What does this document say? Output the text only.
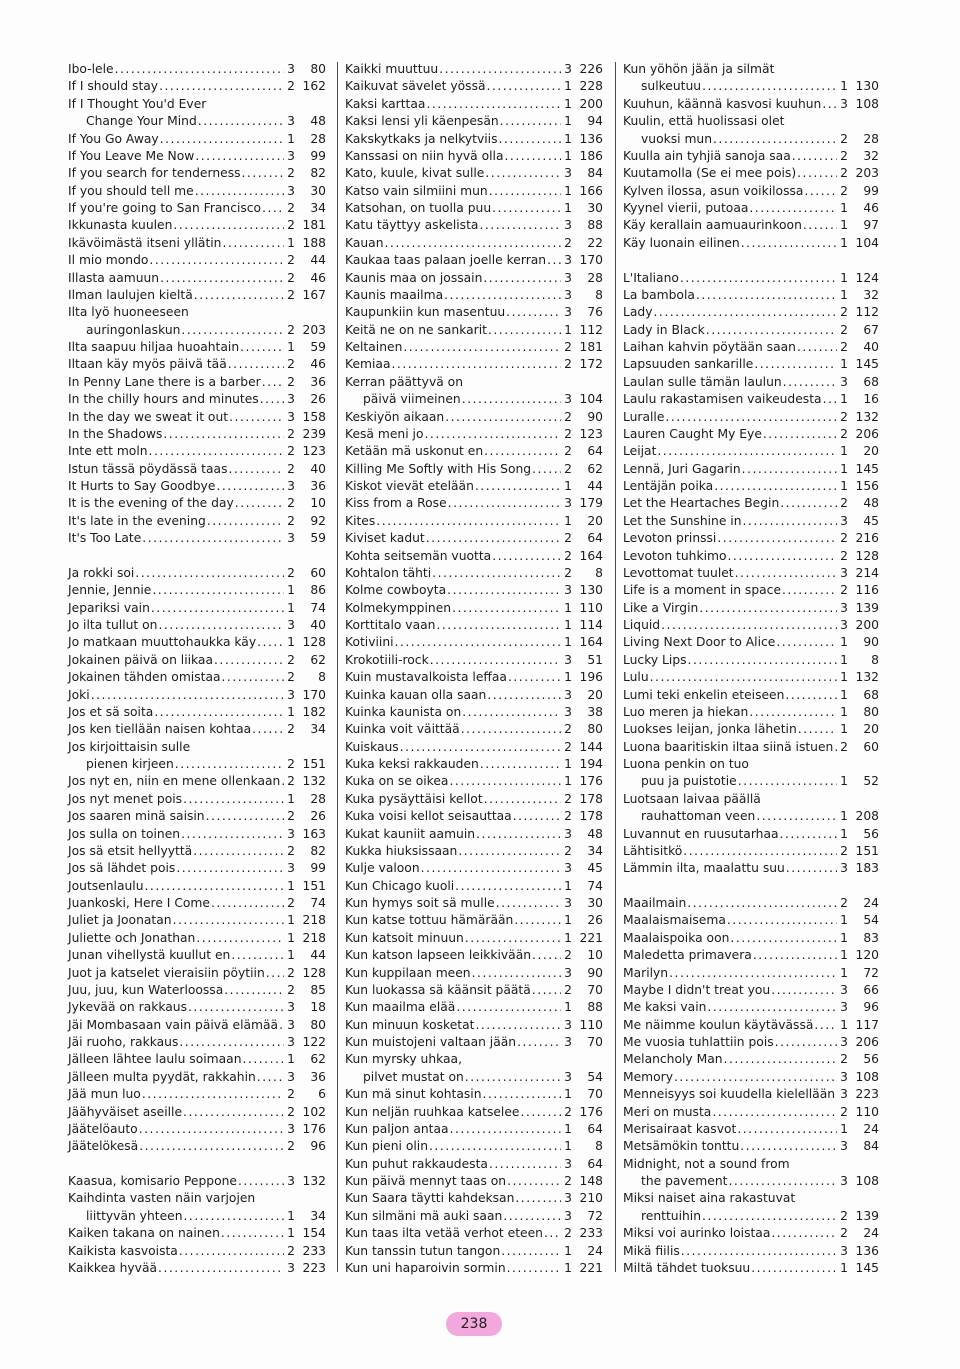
Ibo-lele . . .	3	80
If I should stay . . .	2 162
If I Thought You'd Ever
Change Your Mind . . .	3	48
If You Go Away . . .	1	28
If You Leave Me Now . . .	3	99
If you search for tenderness . . .	2	82
If you should tell me . . .	3	30
If you're going to San Francisco . . . 2	34
Ikkunasta kuulen . . .	2 181
Ikävöimästä itseni yllätin . . .	1 188
Il mio mondo . . .	2	44
Illasta aamuun . . .	2	46
Ilman laulujen kieltä . . .	2 167
Ilta lyö huoneeseen
auringonlaskun . . .	2 203
Ilta saapuu hiljaa huoahtain . . .	1	59
Iltaan käy myös päivä tää . . .	2	46
In Penny Lane there is a barber . . . 2	36
In the chilly hours and minutes . . . 3	26
In the day we sweat it out . . .	3 158
In the Shadows . . .	2 239
Inte ett moln . . .	2 123
Istun tässä pöydässä taas . . .	2	40
It Hurts to Say Goodbye . . .	3	36
It is the evening of the day . . .	2	10
It's late in the evening . . .	2	92
It's Too Late . . .	3	59
Ja rokki soi . . .	2	60
Jennie, Jennie . . .	1	86
Jepariksi vain . . .	1	74
Jo ilta tullut on . . .	3	40
Jo matkaan muuttohaukka käy . . .	1 128
Jokainen päivä on liikaa . . .	2	62
Jokainen tähden omistaa . . .	2	8
Joki . . .	3 170
Jos et sä soita . . .	1 182
Jos ken tiellään naisen kohtaa . . .	2	34
Jos kirjoittaisin sulle
pienen kirjeen . . .	2 151
Jos nyt en, niin en mene ollenkaan . . . 2 132
Jos nyt menet pois . . .	1	28
Jos saaren minä saisin . . .	2	26
Jos sulla on toinen . . .	3 163
Jos sä etsit hellyyttä . . .	2	82
Jos sä lähdet pois . . .	3	99
Joutsenlaulu . . .	1 151
Juankoski, Here I Come . . .	2	74
Juliet ja Joonatan . . .	1 218
Juliette och Jonathan . . .	1 218
Junan vihellystä kuullut en . . .	1	44
Juot ja katselet vieraisiin pöytiin . . . 2 128
Juu, juu, kun Waterloossa . . .	2	85
Jykevää on rakkaus . . .	3	18
Jäi Mombasaan vain päivä elämää . . . 3	80
Jäi ruoho, rakkaus . . .	3 122
Jälleen lähtee laulu soimaan . . .	1	62
Jälleen multa pyydät, rakkahin . . .	3	36
Jää mun luo . . .	2	6
Jäähyväiset aseille . . .	2 102
Jäätelöauto . . .	3 176
Jäätelökesä . . .	2	96
Kaasua, komisario Peppone . . .	3 132
Kaihdinta vasten näin varjojen
liittyvän yhteen . . .	1	34
Kaiken takana on nainen . . .	1 154
Kaikista kasvoista . . .	2 233
Kaikkea hyvää . . .	3 223
Kaikki muuttuu . . .	3 226
Kaikuvat sävelet yössä . . .	1 228
Kaksi karttaa . . .	1 200
Kaksi lensi yli käenpesän . . .	1	94
Kakskytkaks ja nelkytviis . . .	1 136
Kanssasi on niin hyvä olla . . .	1 186
Kato, kuule, kivat sulle . . .	3	84
Katso vain silmiini mun . . .	1 166
Katsohan, on tuolla puu . . .	1	30
Katu täyttyy askelista . . .	3	88
Kauan . . .	2	22
Kaukaa taas palaan joelle kerran . . . 3 170
Kaunis maa on jossain . . .	3	28
Kaunis maailma . . .	3	8
Kaupunkiin kun masentuu . . .	3	76
Keitä ne on ne sankarit . . .	1 112
Keltainen . . .	2 181
Kemiaa . . .	2 172
Kerran päättyvä on
päivä viimeinen . . .	3 104
Keskiyön aikaan . . .	2	90
Kesä meni jo . . .	2 123
Ketään mä uskonut en . . .	2	64
Killing Me Softly with His Song . . .	2	62
Kiskot vievät etelään . . .	1	44
Kiss from a Rose . . .	3 179
Kites . . .	1	20
Kiviset kadut . . .	2	64
Kohta seitsemän vuotta . . .	2 164
Kohtalon tähti . . .	2	8
Kolme cowboyta . . .	3 130
Kolmekymppinen . . .	1 110
Korttitalo vaan . . .	1 114
Kotiviini . . .	1 164
Krokotiili-rock . . .	3	51
Kuin mustavalkoista leffaa . . .	1 196
Kuinka kauan olla saan . . .	3	20
Kuinka kaunista on . . .	3	38
Kuinka voit väittää . . .	2	80
Kuiskaus . . .	2 144
Kuka keksi rakkauden . . .	1 194
Kuka on se oikea . . .	1 176
Kuka pysäyttäisi kellot . . .	2 178
Kuka voisi kellot seisauttaa . . .	2 178
Kukat kauniit aamuin . . .	3	48
Kukka hiuksissaan . . .	2	34
Kulje valoon . . .	3	45
Kun Chicago kuoli . . .	1	74
Kun hymys soit sä mulle . . .	3	30
Kun katse tottuu hämärään . . .	1	26
Kun katsoit minuun . . .	1 221
Kun katson lapseen leikkivään . . .	2	10
Kun kuppilaan meen . . .	3	90
Kun luokassa sä käänsit päätä . . .	2	70
Kun maailma elää . . .	1	88
Kun minuun kosketat . . .	3 110
Kun muistojeni valtaan jään . . .	3	70
Kun myrsky uhkaa,
pilvet mustat on . . .	3	54
Kun mä sinut kohtasin . . .	1	70
Kun neljän ruuhkaa katselee . . .	2 176
Kun paljon antaa . . .	1	64
Kun pieni olin . . .	1	8
Kun puhut rakkaudesta . . .	3	64
Kun päivä mennyt taas on . . .	2 148
Kun Saara täytti kahdeksan . . .	3 210
Kun silmäni mä auki saan . . .	3	72
Kun taas ilta vetää verhot eteen . . . 2 233
Kun tanssin tutun tangon . . .	1	24
Kun uni haparoivin sormin . . .	1 221
Kun yöhön jään ja silmät
sulkeutuu . . .	1 130
Kuuhun, käännä kasvosi kuuhun . . . 3 108
Kuulin, että huolissasi olet
vuoksi mun . . .	2	28
Kuulla ain tyhjiä sanoja saa . . .	2	32
Kuutamolla (Se ei mee pois) . . .	2 203
Kylven ilossa, asun voikilossa . . .	2	99
Kyynel vierii, putoaa . . .	1	46
Käy kerallain aamuaurinkoon . . .	1	97
Käy luonain eilinen . . .	1 104
L'Italiano . . .	1 124
La bambola . . .	1	32
Lady . . .	2 112
Lady in Black . . .	2	67
Laihan kahvin pöytään saan . . .	2	40
Lapsuuden sankarille . . .	1 145
Laulan sulle tämän laulun . . .	3	68
Laulu rakastamisen vaikeudesta . . . 1	16
Luralle . . .	2 132
Lauren Caught My Eye . . .	2 206
Leijat . . .	1	20
Lennä, Juri Gagarin . . .	1 145
Lentäjän poika . . .	1 156
Let the Heartaches Begin . . .	2	48
Let the Sunshine in . . .	3	45
Levoton prinssi . . .	2 216
Levoton tuhkimo . . .	2 128
Levottomat tuulet . . .	3 214
Life is a moment in space . . .	2 116
Like a Virgin . . .	3 139
Liquid . . .	3 200
Living Next Door to Alice . . .	1	90
Lucky Lips . . .	1	8
Lulu . . .	1 132
Lumi teki enkelin eteiseen . . .	1	68
Luo meren ja hiekan . . .	1	80
Luokses leijan, jonka lähetin . . .	1	20
Luona baaritiskin iltaa siinä istuen . . . 2	60
Luona penkin on tuo
puu ja puistotie . . .	1	52
Luotsaan laivaa päällä
rauhattoman veen . . .	1 208
Luvannut en ruusutarhaa . . .	1	56
Lähtisitkö . . .	2 151
Lämmin ilta, maalattu suu . . .	3 183
Maailmain . . .	2	24
Maalaismaisema . . .	1	54
Maalaispoika oon . . .	1	83
Maledetta primavera . . .	1 120
Marilyn . . .	1	72
Maybe I didn't treat you . . .	3	66
Me kaksi vain . . .	3	96
Me näimme koulun käytävässä . . . 1 117
Me vuosia tuhlattiin pois . . .	3 206
Melancholy Man . . .	2	56
Memory . . .	3 108
Menneisyys soi kuudella kielellään . . . 3 223
Meri on musta . . .	2 110
Merisairaat kasvot . . .	1	24
Metsämökin tonttu . . .	3	84
Midnight, not a sound from
the pavement . . .	3 108
Miksi naiset aina rakastuvat
renttuihin . . .	2 139
Miksi voi aurinko loistaa . . .	2	24
Mikä fiilis . . .	3 136
Miltä tähdet tuoksuu . . .	1 145
238
